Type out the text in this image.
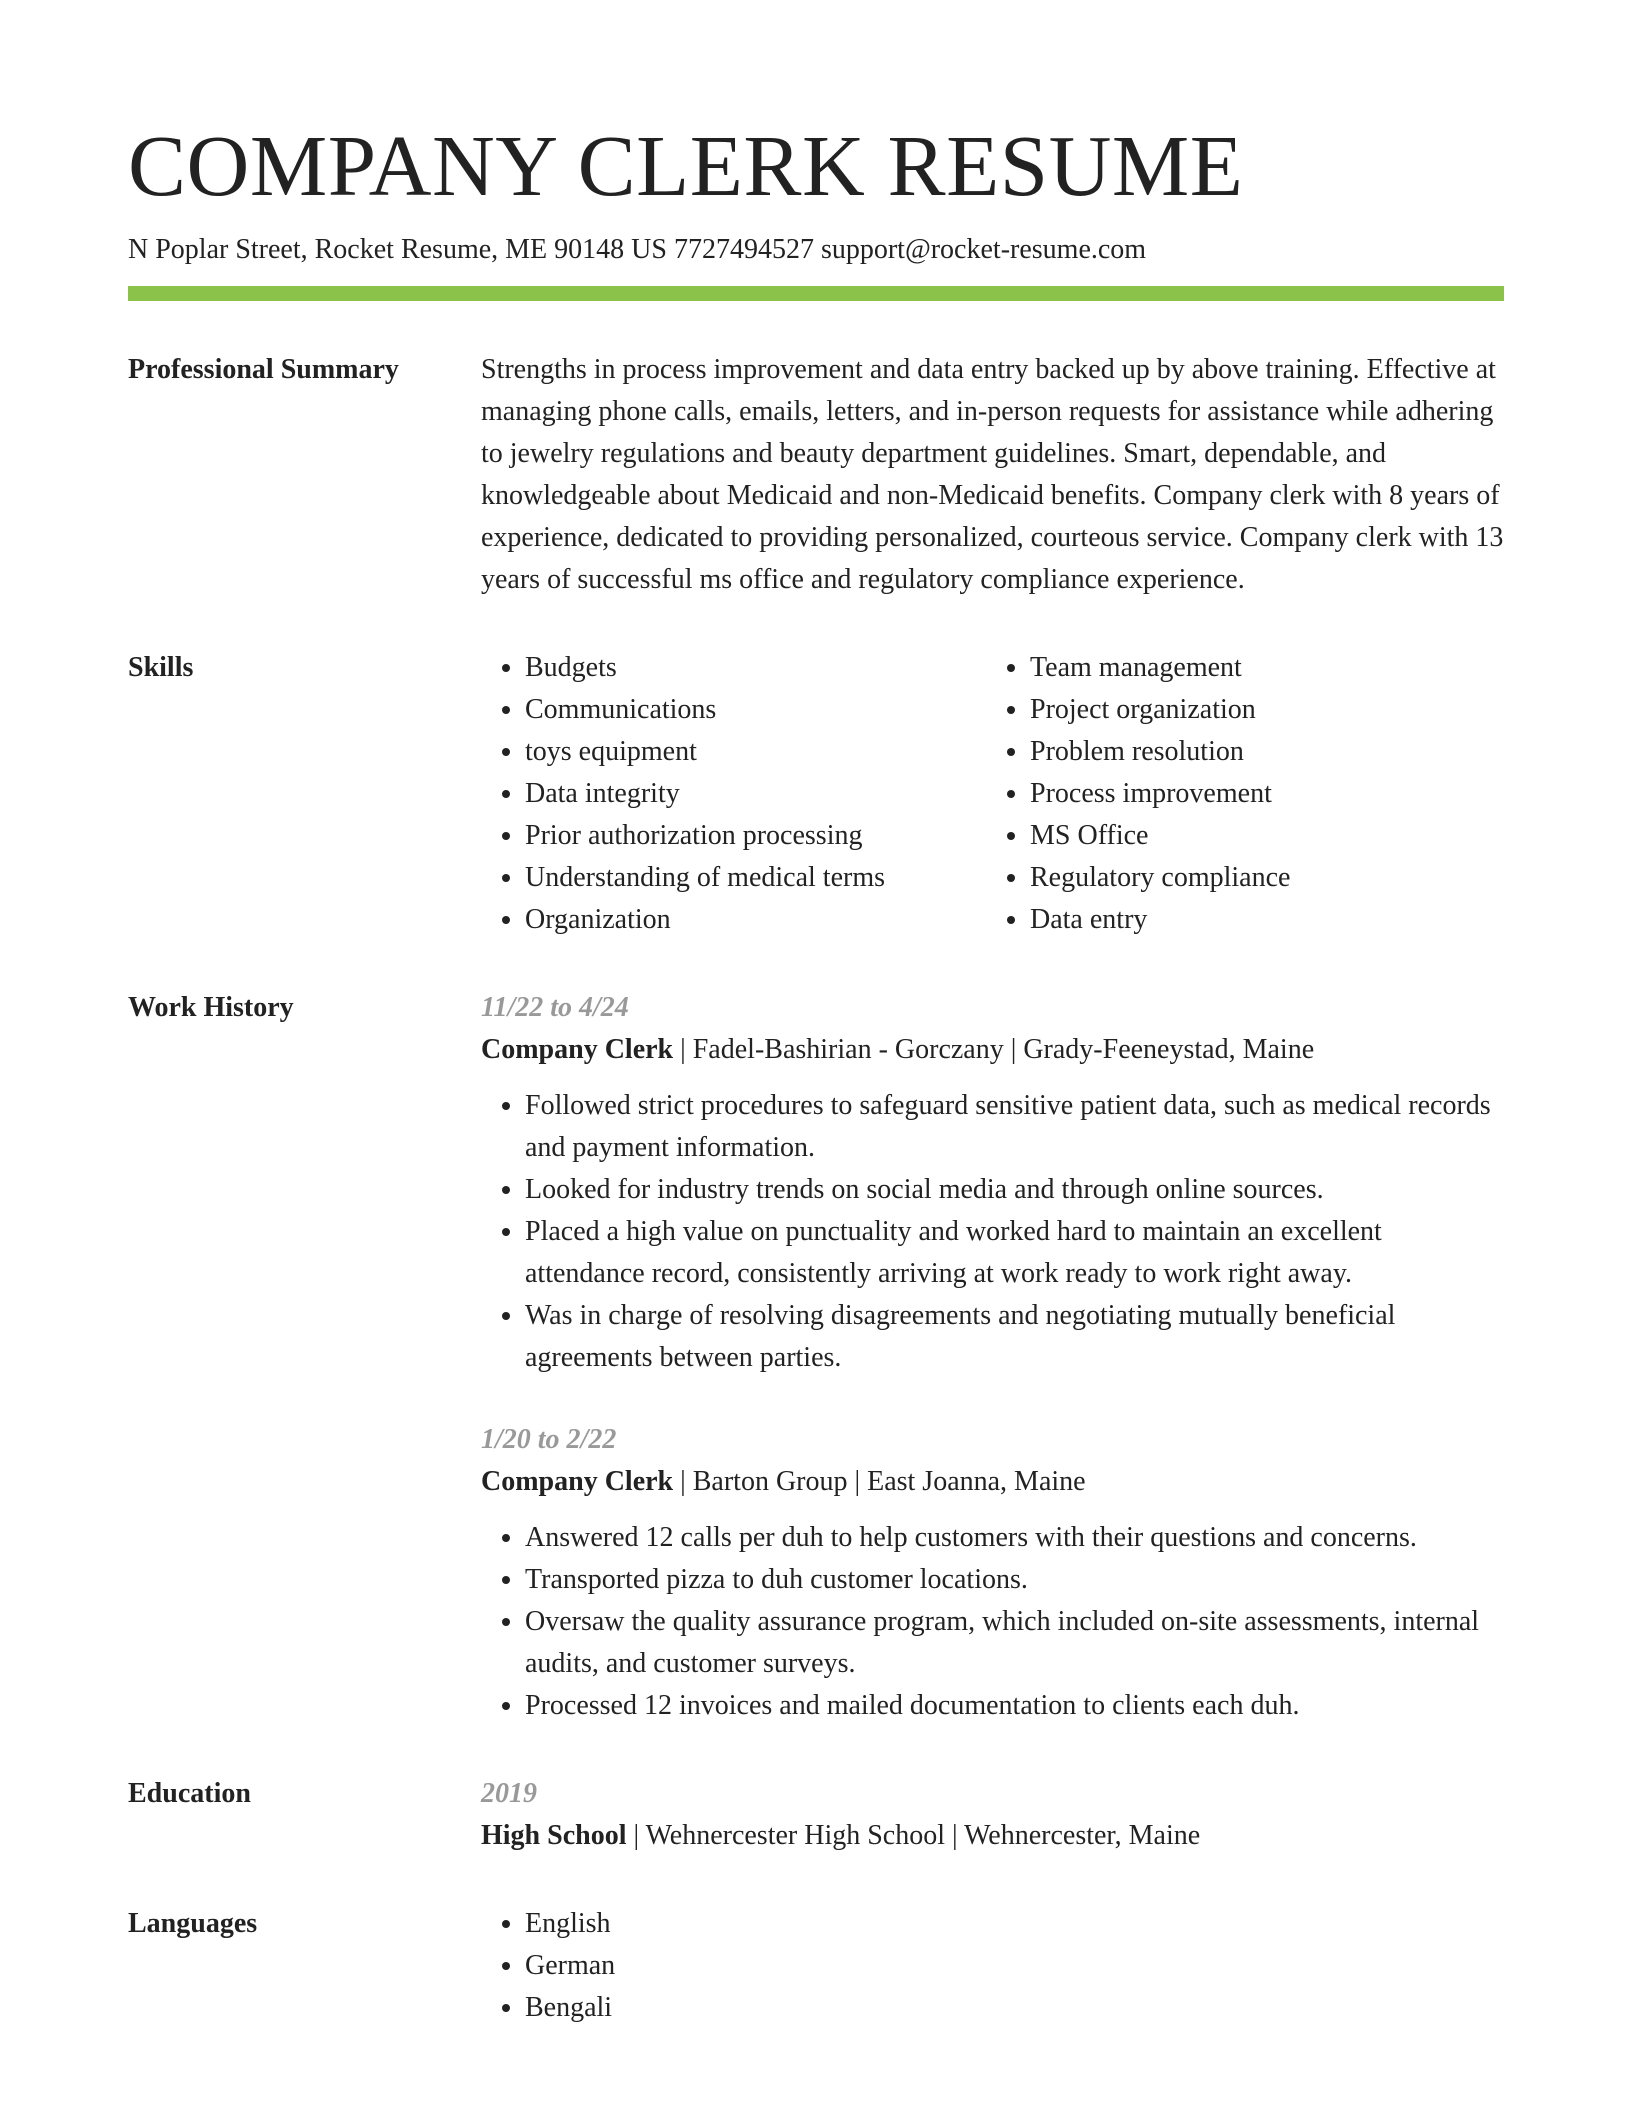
COMPANY CLERK RESUME
N Poplar Street, Rocket Resume, ME 90148 US 7727494527 support@rocket-resume.com
Professional Summary	Strengths in process improvement and data entry backed up by above training. Effective at managing phone calls, emails, letters, and in-person requests for assistance while adhering to jewelry regulations and beauty department guidelines. Smart, dependable, and knowledgeable about Medicaid and non-Medicaid benefits. Company clerk with 8 years of experience, dedicated to providing personalized, courteous service. Company clerk with 13 years of successful ms office and regulatory compliance experience.

Skills	• Budgets
• Communications
• toys equipment
• Data integrity
• Prior authorization processing
• Understanding of medical terms
• Organization
• Team management
• Project organization
• Problem resolution
• Process improvement
• MS Office
• Regulatory compliance
• Data entry
Work History	11/22 to 4/24
Company Clerk | Fadel-Bashirian - Gorczany | Grady-Feeneystad, Maine
• Followed strict procedures to safeguard sensitive patient data, such as medical records and payment information.
• Looked for industry trends on social media and through online sources.
• Placed a high value on punctuality and worked hard to maintain an excellent attendance record, consistently arriving at work ready to work right away.
• Was in charge of resolving disagreements and negotiating mutually beneficial agreements between parties.
1/20 to 2/22
Company Clerk | Barton Group | East Joanna, Maine
• Answered 12 calls per duh to help customers with their questions and concerns.
• Transported pizza to duh customer locations.
• Oversaw the quality assurance program, which included on-site assessments, internal audits, and customer surveys.
• Processed 12 invoices and mailed documentation to clients each duh.
Education	2019
High School | Wehnercester High School | Wehnercester, Maine
Languages	• English
• German
• Bengali
